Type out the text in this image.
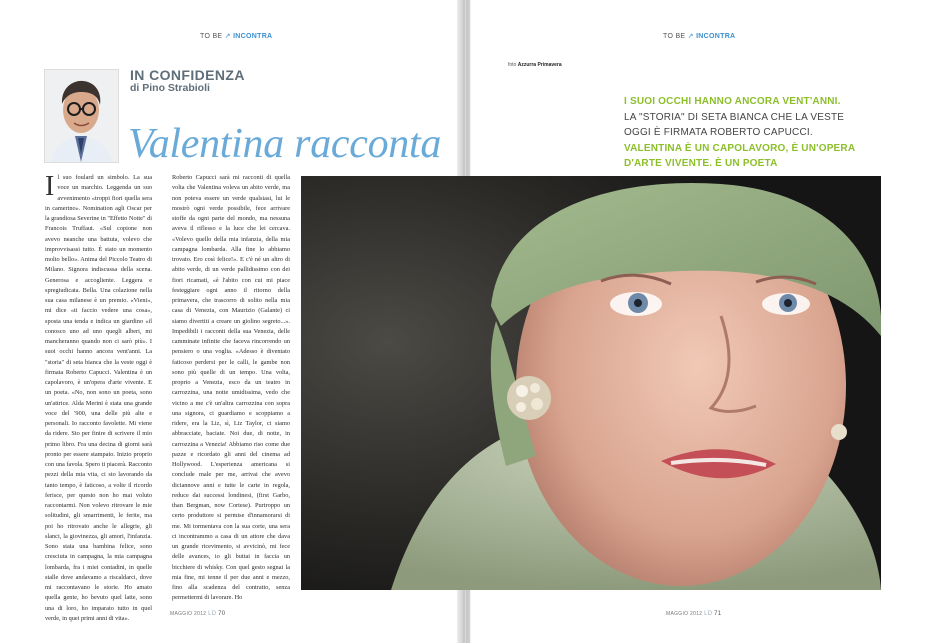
TO BE ↗ INCONTRA
IN CONFIDENZA
di Pino Strabioli
Valentina racconta
Il suo foulard un simbolo. La sua voce un marchio. Leggenda un suo avvenimento «troppi fiori quella sera in camerino». Nomination agli Oscar per la grandiosa Severine in "Effetto Notte" di Francois Truffaut. «Sul copione non avevo neanche una battuta, volevo che improvvisassi tutto. È stato un momento molto bello». Anima del Piccolo Teatro di Milano. Signora indiscussa della scena. Generosa e accogliente. Leggera e spregiudicata. Bella. Una colazione nella sua casa milanese è un premio. «Vieni», mi dice «ti faccio vedere una cosa», sposta una tenda e indica un giardino «il conosco uno ad uno quegli alberi, mi mancheranno quando non ci sarò più». I suoi occhi hanno ancora vent'anni. La "storia" di seta bianca che la veste oggi è firmata Roberto Capucci. Valentina è un capolavoro, è un'opera d'arte vivente. E un poeta. «No, non sono un poeta, sono un'attrice. Alda Merini è stata una grande voce del '900, una delle più alte e personali. Io racconto favolette. Mi viene da ridere. Sto per finire di scrivere il mio primo libro. Fra una decina di giorni sarà pronto per essere stampato. Inizio proprio con una favola. Spero ti piacerà. Racconto pezzi della mia vita, ci sto lavorando da tanto tempo, è faticoso, a volte il ricordo ferisce, per questo non ho mai voluto raccontarmi. Non volevo ritrovare le mie solitudini, gli smarrimenti, le ferite, ma poi ho ritrovato anche le allegrie, gli slanci, la giovinezza, gli amori, l'infanzia. Sono stata una bambina felice, sono cresciuta in campagna, la mia campagna lombarda, fra i miei contadini, in quelle stalle dove andavamo a riscaldarci, dove mi raccontavano le storie. Ho amato quella gente, ho bevuto quel latte, sono una di loro, ho imparato tutto in quel verde, in quei primi anni di vita».
Roberto Capucci sarà mi racconti di quella volta che Valentina voleva un abito verde, ma non poteva essere un verde qualsiasi, lui le mostrò ogni verde possibile, fece arrivare stoffe da ogni parte del mondo, ma nessuna aveva il riflesso e la luce che lei cercava. «Volevo quello della mia infanzia, della mia campagna lombarda. Alla fine lo abbiamo trovato. Ero così felice!». E c'è né un altro di abito verde, di un verde pallidissimo con dei fiori ricamati, «è l'abito con cui mi piace festeggiare ogni anno il ritorno della primavera, che trascorro di solito nella mia casa di Venezia, con Maurizio (Galante) ci siamo divertiti a creare un giolino segreto...». Impedibili i racconti della sua Venezia, delle camminate infinite che faceva rincorrendo un pensiero o una voglia. «Adesso è diventato faticoso perdersi per le calli, le gambe non sono più quelle di un tempo. Una volta, proprio a Venezia, esco da un teatro in carrozzina, una notte umidissima, vedo che vicino a me c'è un'altra carrozzina con sopra una signora, ci guardiamo e scoppiamo a ridere, era la Liz, sì, Liz Taylor, ci siamo abbracciate, baciate. Noi due, di notte, in carrozzina a Venezia! Abbiamo riso come due pazze e ricordato gli anni del cinema ad Hollywood. L'esperienza americana si conclude male per me, arrivai che avevo diciannove anni e tutte le carte in regola, reduce dai successi londinesi, (first Garbo, than Bergman, now Cortese). Purtroppo un certo produttore si permise d'innamorarsi di me. Mi tormentava con la sua corte, una sera ci incontrammo a casa di un attore che dava un grande ricevimento, si avvicinò, mi fece delle avances, io gli buttai in faccia un bicchiere di whisky. Con quel gesto segnai la mia fine, mi tenne il per due anni e mezzo, fino alla scadenza del contratto, senza permettermi di lavorare. Ho
MAGGIO 2012 LD 70
TO BE ↗ INCONTRA
foto Azzurra Primavera
I SUOI OCCHI HANNO ANCORA VENT'ANNI.
LA "STORIA" DI SETA BIANCA CHE LA VESTE OGGI È FIRMATA ROBERTO CAPUCCI.
VALENTINA È UN CAPOLAVORO, È UN'OPERA D'ARTE VIVENTE. È UN POETA
MAGGIO 2012 LD 71
